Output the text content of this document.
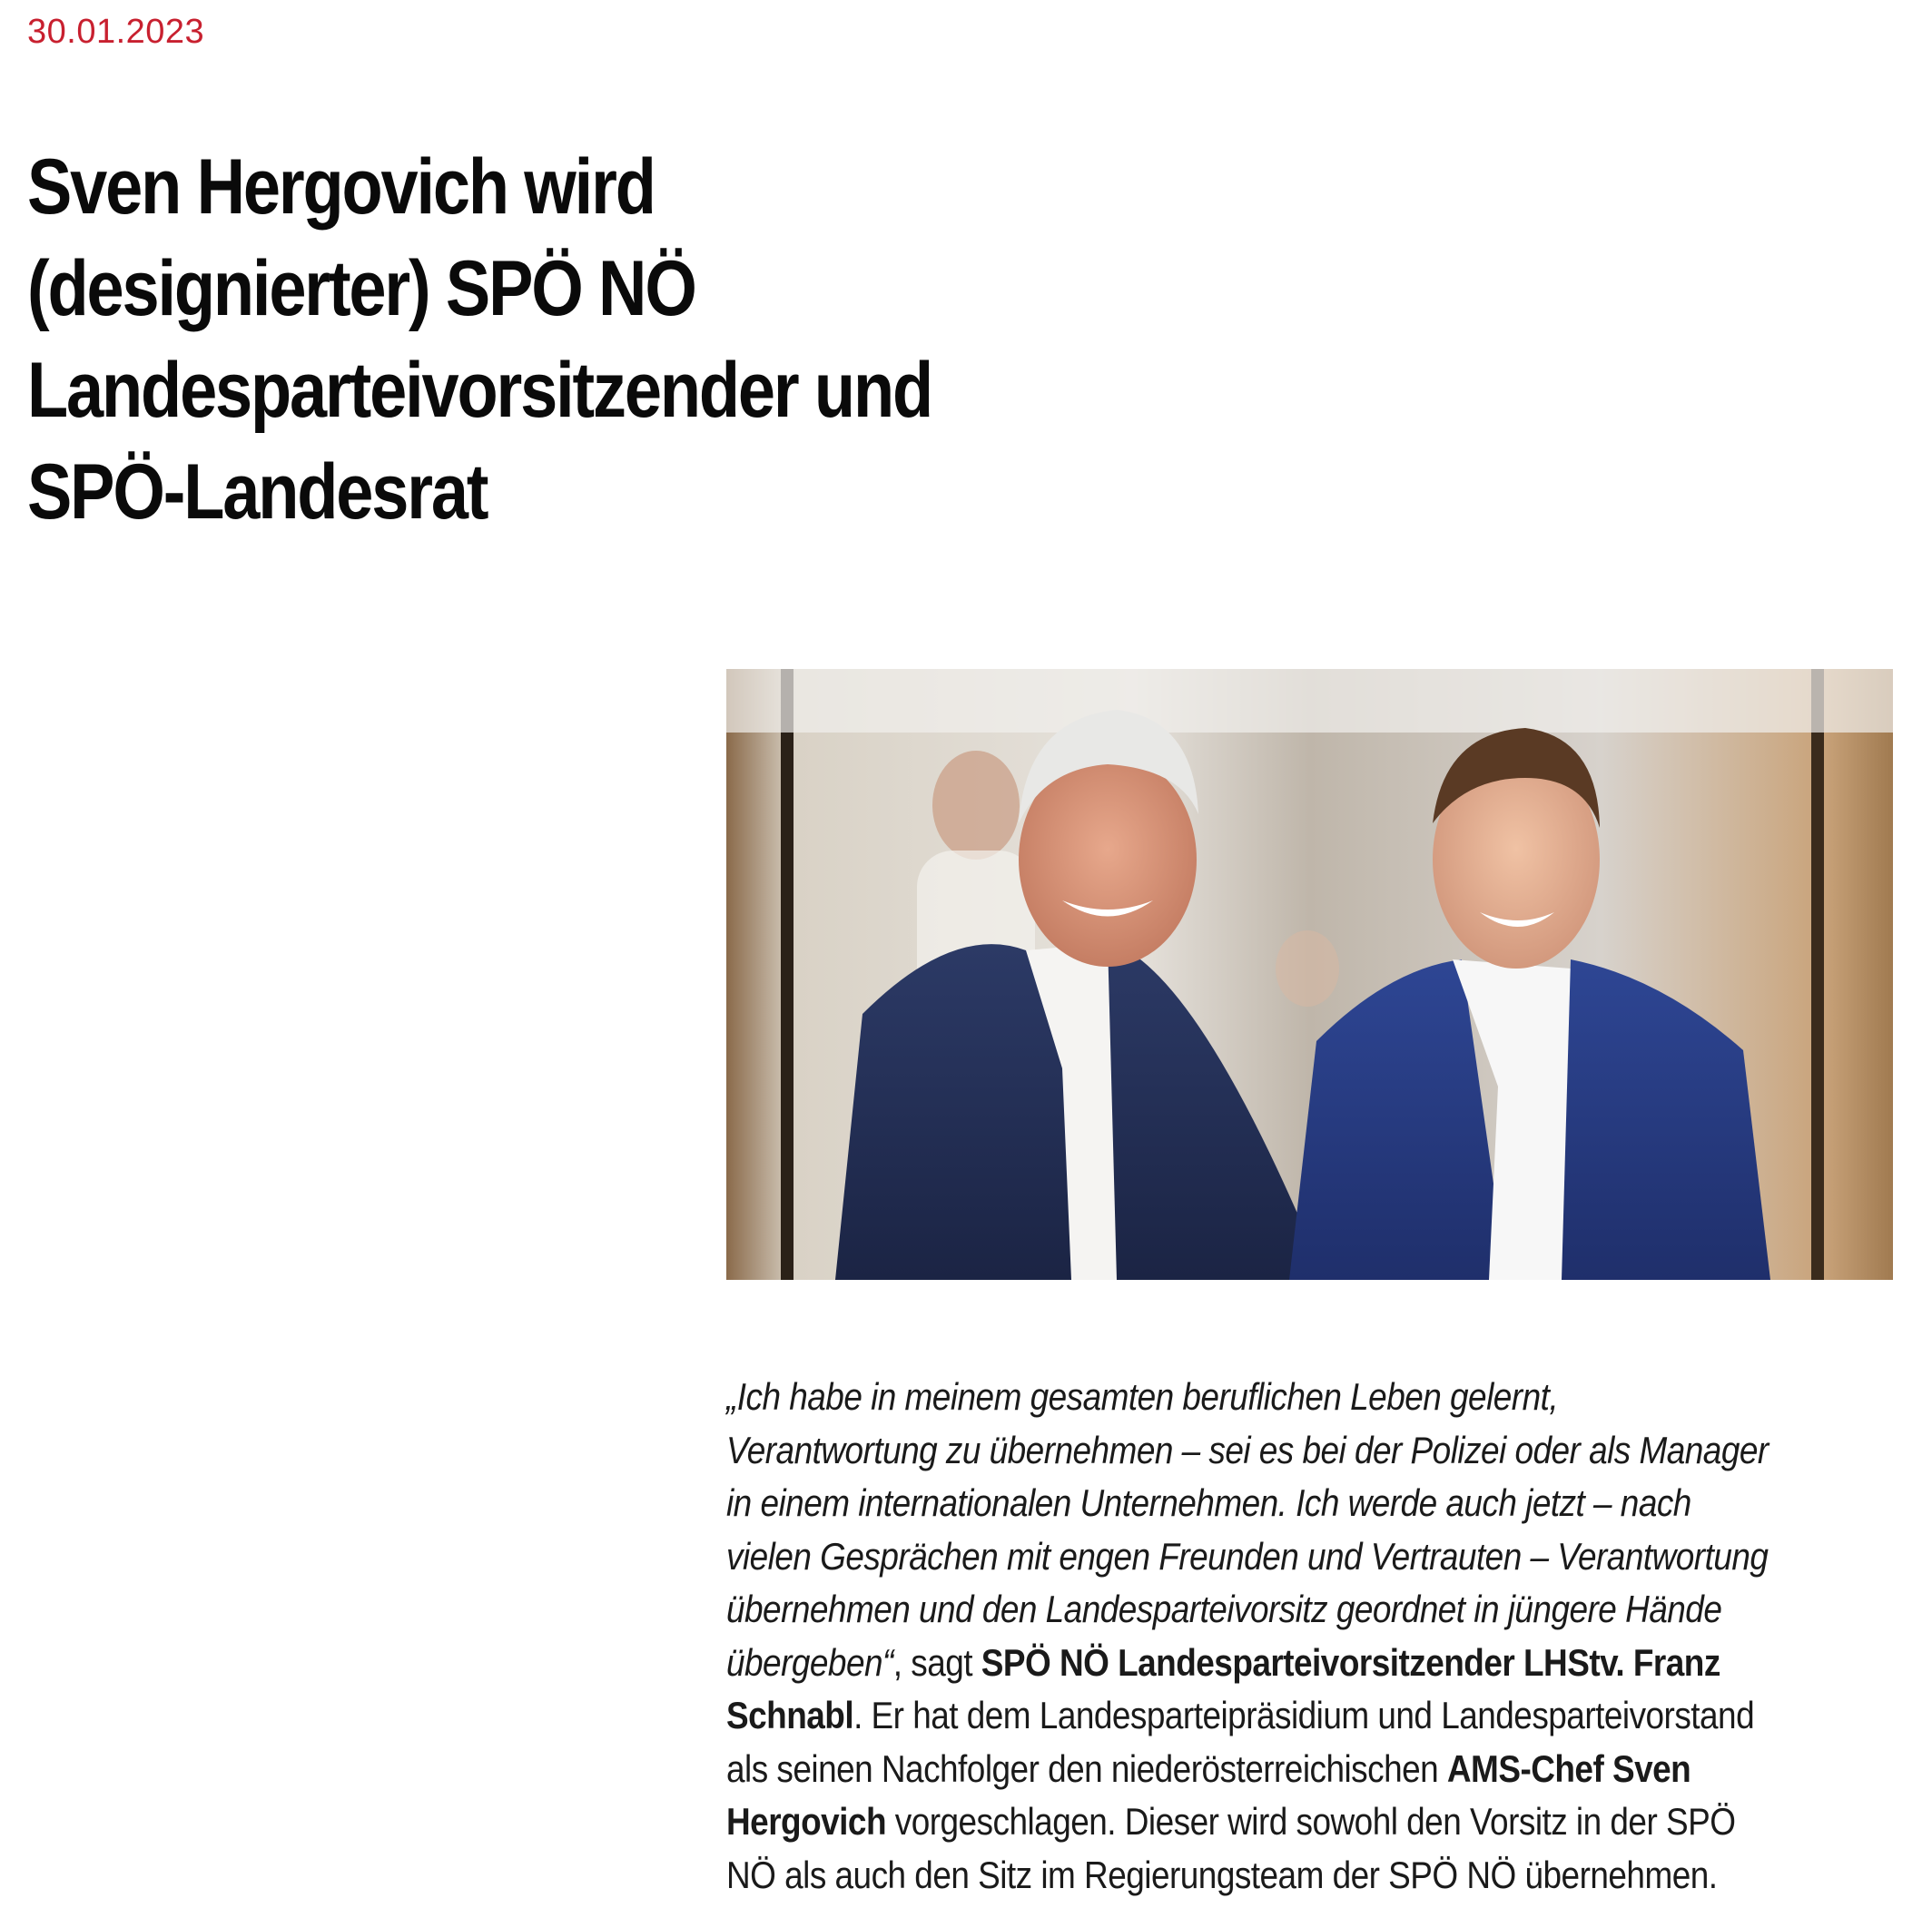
30.01.2023
Sven Hergovich wird (designierter) SPÖ NÖ Landesparteivorsitzender und SPÖ-Landesrat

„Ich habe in meinem gesamten beruflichen Leben gelernt, Verantwortung zu übernehmen – sei es bei der Polizei oder als Manager in einem internationalen Unternehmen. Ich werde auch jetzt – nach vielen Gesprächen mit engen Freunden und Vertrauten – Verantwortung übernehmen und den Landesparteivorsitz geordnet in jüngere Hände übergeben“, sagt SPÖ NÖ Landesparteivorsitzender LHStv. Franz Schnabl. Er hat dem Landesparteipräsidium und Landesparteivorstand als seinen Nachfolger den niederösterreichischen AMS-Chef Sven Hergovich vorgeschlagen. Dieser wird sowohl den Vorsitz in der SPÖ NÖ als auch den Sitz im Regierungsteam der SPÖ NÖ übernehmen.
